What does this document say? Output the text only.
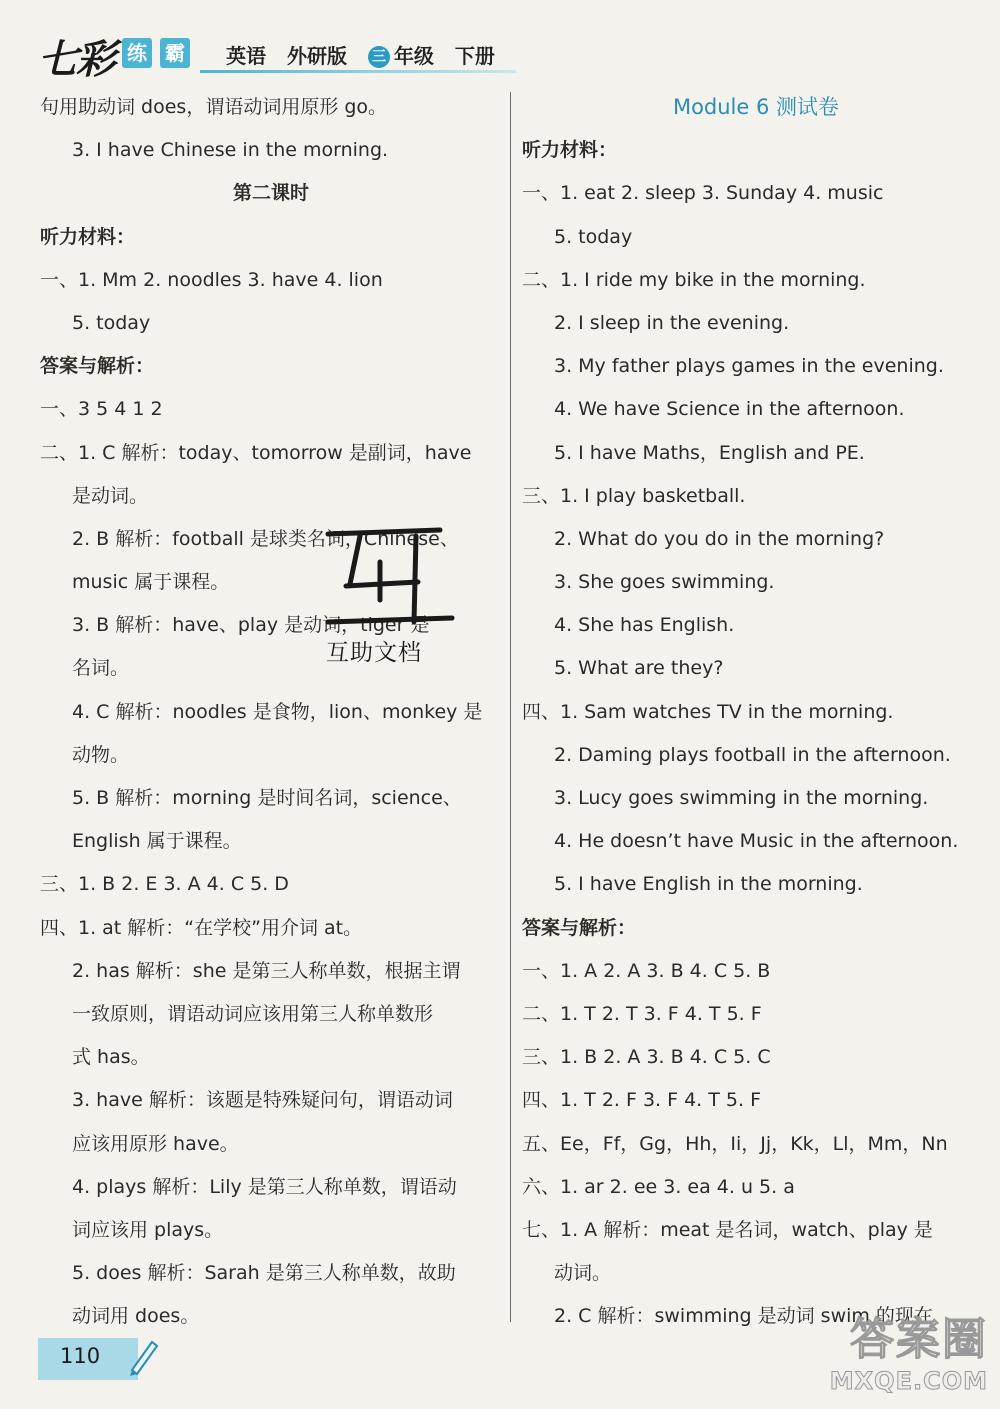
七彩 练 霸 英语 外研版 三 年级 下册
句用助动词 does，谓语动词用原形 go。
3. I have Chinese in the morning.
第二课时
听力材料：
一、1. Mm 2. noodles 3. have 4. lion
5. today
答案与解析：
一、3 5 4 1 2
二、1. C 解析：today、tomorrow 是副词，have
是动词。
2. B 解析：football 是球类名词，Chinese、
music 属于课程。
3. B 解析：have、play 是动词，tiger 是
名词。
4. C 解析：noodles 是食物，lion、monkey 是
动物。
5. B 解析：morning 是时间名词，science、
English 属于课程。
三、1. B 2. E 3. A 4. C 5. D
四、1. at 解析：“在学校”用介词 at。
2. has 解析：she 是第三人称单数，根据主谓
一致原则，谓语动词应该用第三人称单数形
式 has。
3. have 解析：该题是特殊疑问句，谓语动词
应该用原形 have。
4. plays 解析：Lily 是第三人称单数，谓语动
词应该用 plays。
5. does 解析：Sarah 是第三人称单数，故助
动词用 does。
Module 6 测试卷
听力材料：
一、1. eat 2. sleep 3. Sunday 4. music
5. today
二、1. I ride my bike in the morning.
2. I sleep in the evening.
3. My father plays games in the evening.
4. We have Science in the afternoon.
5. I have Maths，English and PE.
三、1. I play basketball.
2. What do you do in the morning?
3. She goes swimming.
4. She has English.
5. What are they?
四、1. Sam watches TV in the morning.
2. Daming plays football in the afternoon.
3. Lucy goes swimming in the morning.
4. He doesn’t have Music in the afternoon.
5. I have English in the morning.
答案与解析：
一、1. A 2. A 3. B 4. C 5. B
二、1. T 2. T 3. F 4. T 5. F
三、1. B 2. A 3. B 4. C 5. C
四、1. T 2. F 3. F 4. T 5. F
五、Ee，Ff，Gg，Hh，Ii，Jj，Kk，Ll，Mm，Nn
六、1. ar 2. ee 3. ea 4. u 5. a
七、1. A 解析：meat 是名词，watch、play 是
动词。
2. C 解析：swimming 是动词 swim 的现在
互助文档
110	答案圈
MXQE.COM
